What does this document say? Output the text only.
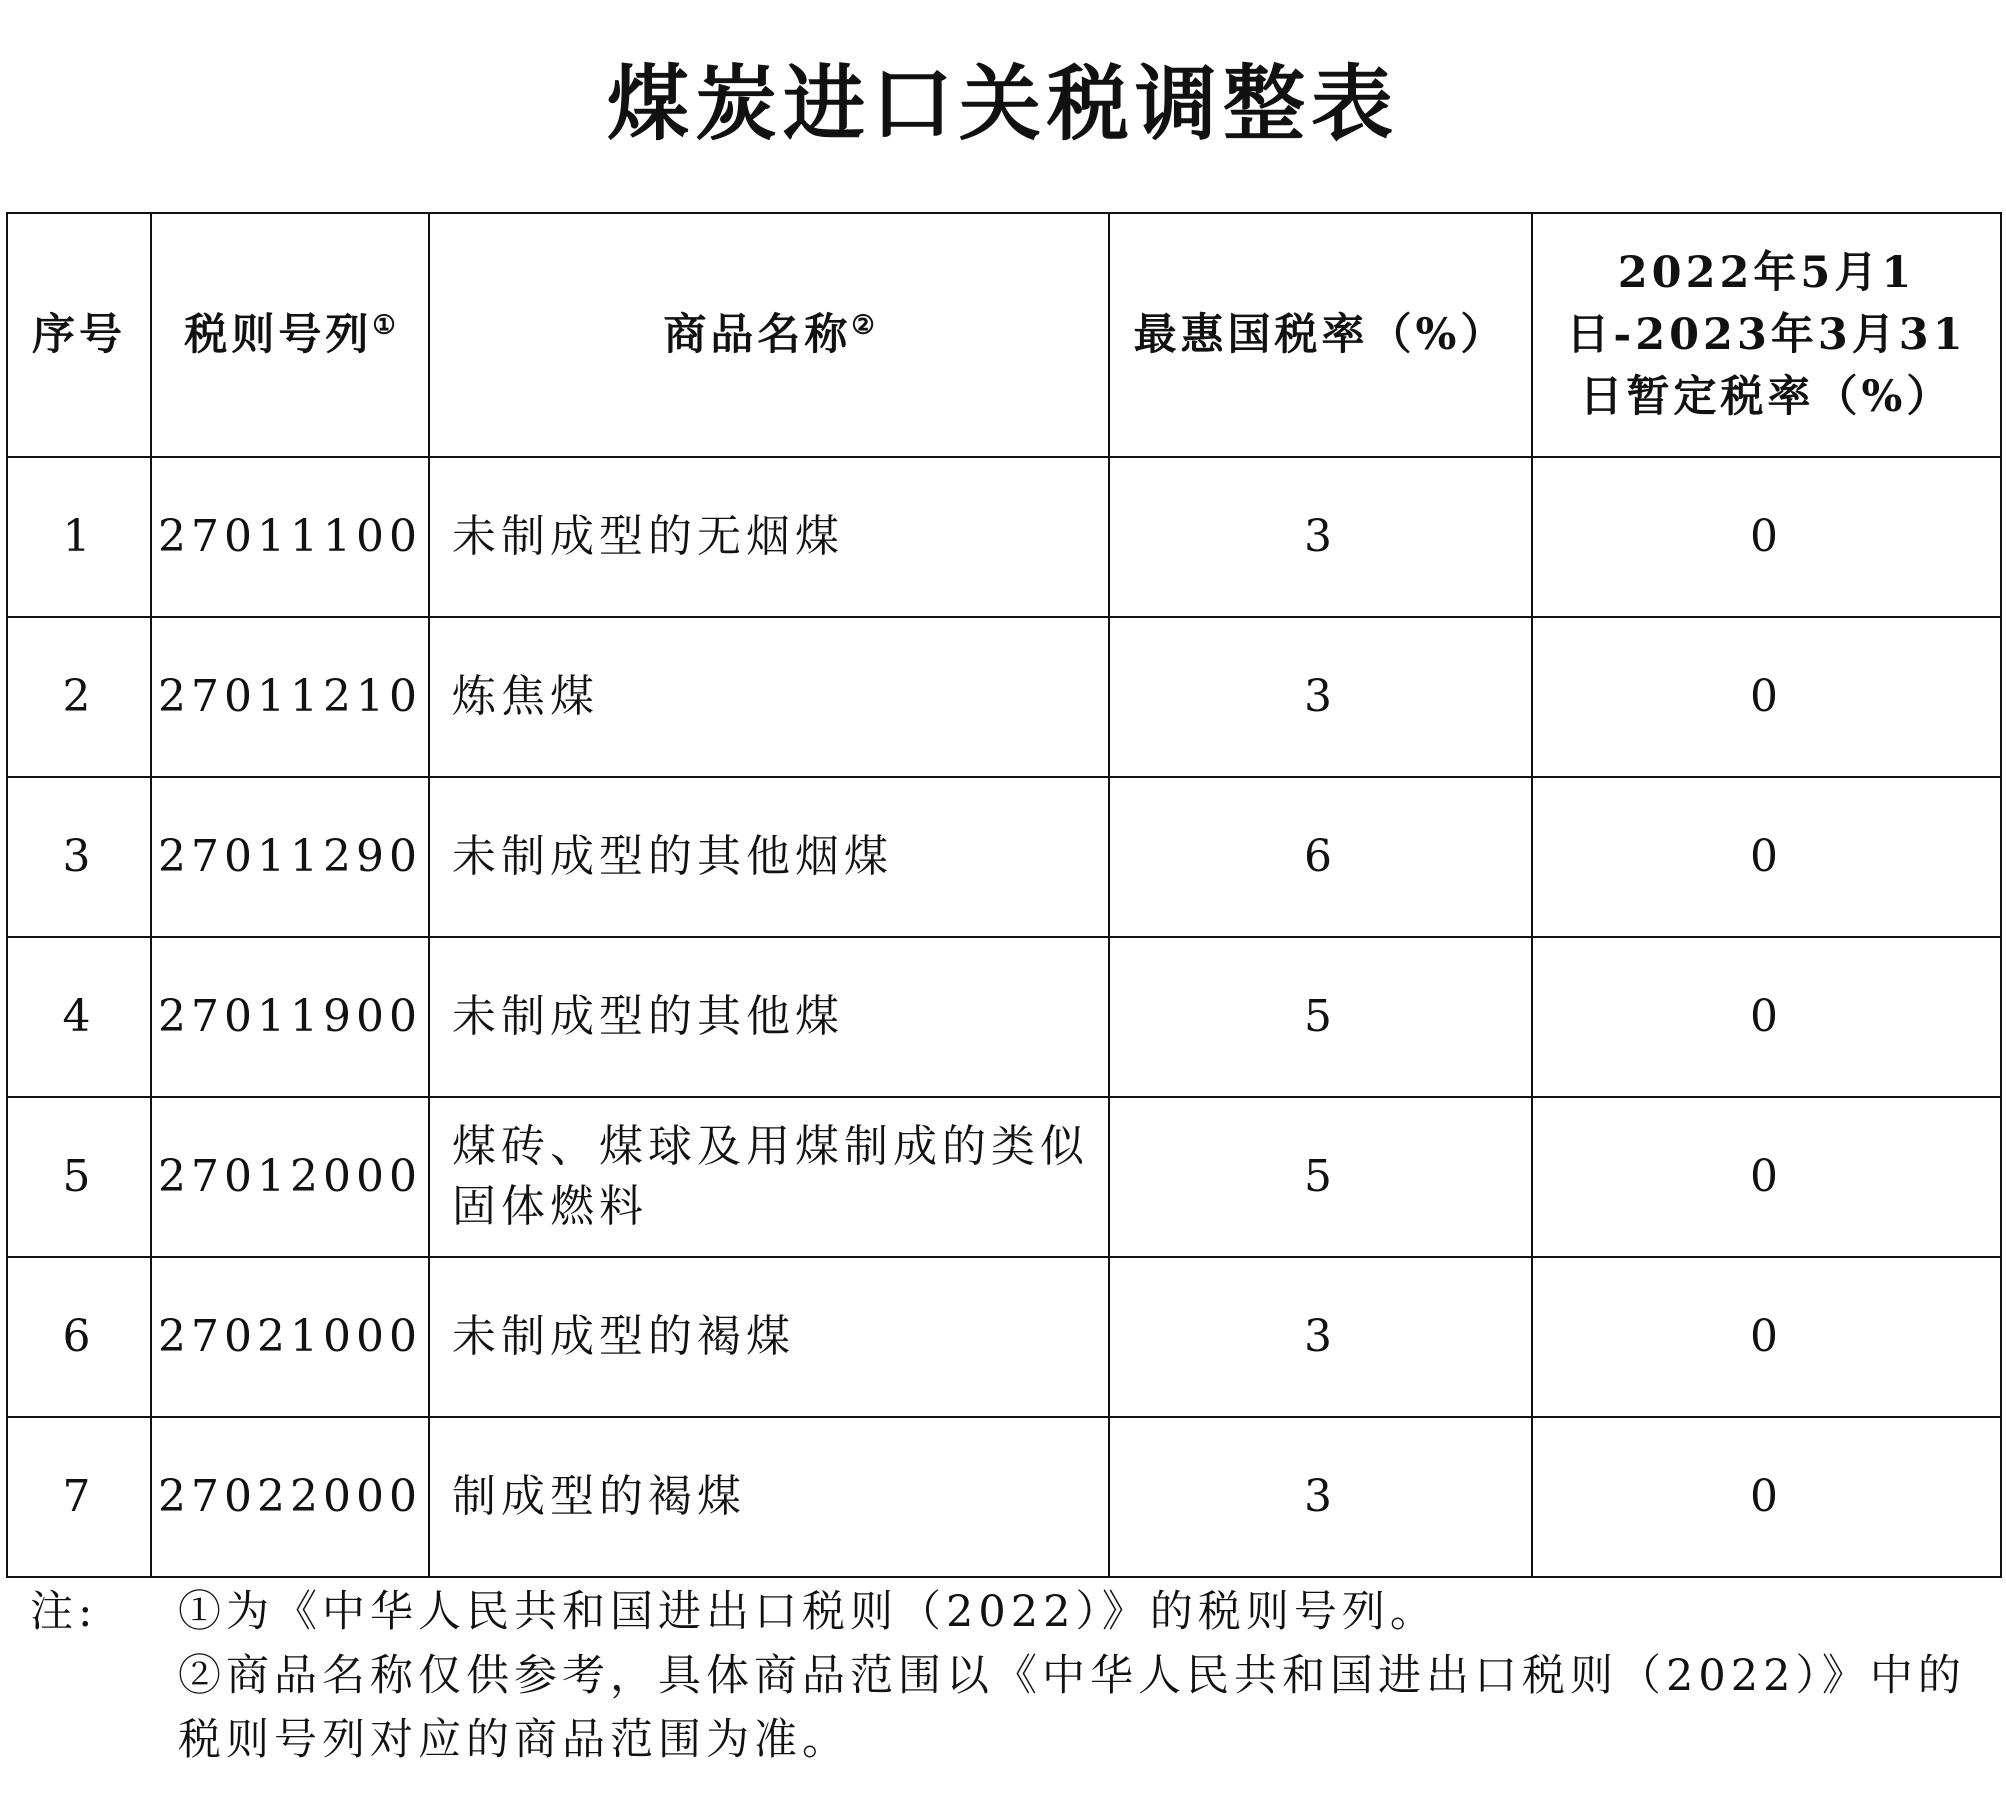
煤炭进口关税调整表
序号	税则号列①	商品名称②	最惠国税率（%）	2022年5月1日-2023年3月31日暂定税率（%）
1	27011100	未制成型的无烟煤	3	0
2	27011210	炼焦煤	3	0
3	27011290	未制成型的其他烟煤	6	0
4	27011900	未制成型的其他煤	5	0
5	27012000	煤砖、煤球及用煤制成的类似固体燃料	5	0
6	27021000	未制成型的褐煤	3	0
7	27022000	制成型的褐煤	3	0
注: ①为《中华人民共和国进出口税则（2022）》的税则号列。
②商品名称仅供参考，具体商品范围以《中华人民共和国进出口税则（2022）》中的税则号列对应的商品范围为准。
